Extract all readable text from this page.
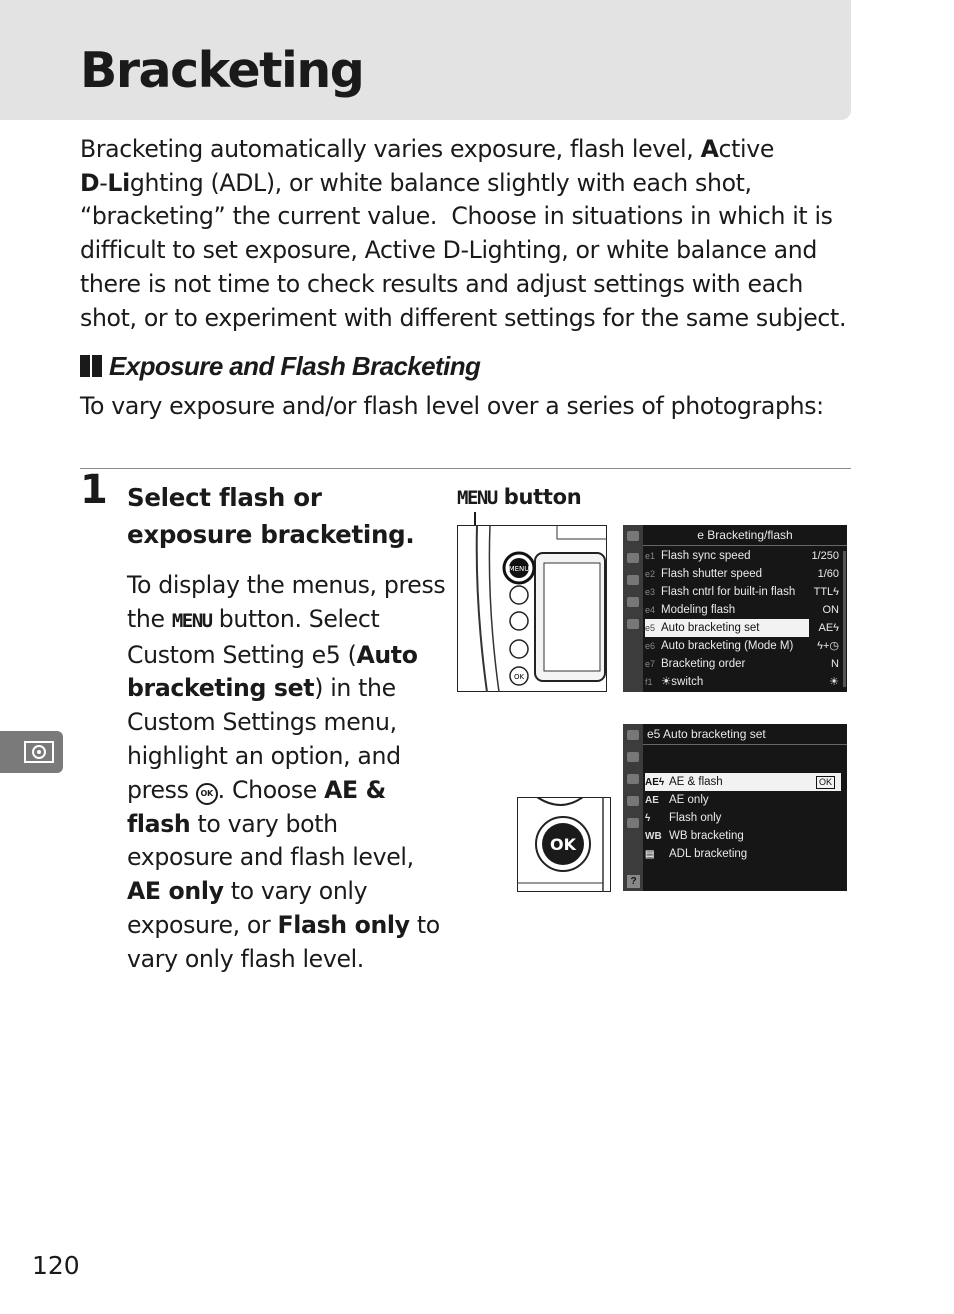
Bracketing
Bracketing automatically varies exposure, flash level, Active
D-Lighting (ADL), or white balance slightly with each shot, “bracketing” the current value.  Choose in situations in which it is difficult to set exposure, Active D-Lighting, or white balance and there is not time to check results and adjust settings with each shot, or to experiment with different settings for the same subject.
Exposure and Flash Bracketing
To vary exposure and/or flash level over a series of photographs:
1 Select flash or exposure bracketing.
To display the menus, press the MENU button. Select Custom Setting e5 (Auto bracketing set) in the Custom Settings menu, highlight an option, and press OK . Choose AE & flash to vary both exposure and flash level, AE only to vary only exposure, or Flash only to vary only flash level.
MENU button
MENU
OK
e Bracketing/flash
e1 Flash sync speed	1/250
e2 Flash shutter speed	1/60
e3 Flash cntrl for built-in flash TTLϟ
e4 Modeling flash	ON
e5 Auto bracketing set	AEϟ
e6 Auto bracketing (Mode M) ϟ+◷
e7 Bracketing order	N
f1 ☀switch	☀
OK
e5 Auto bracketing set
AEϟ AE & flash	OK
AE AE only
ϟ Flash only
WB WB bracketing
▤ ADL bracketing
?
120
